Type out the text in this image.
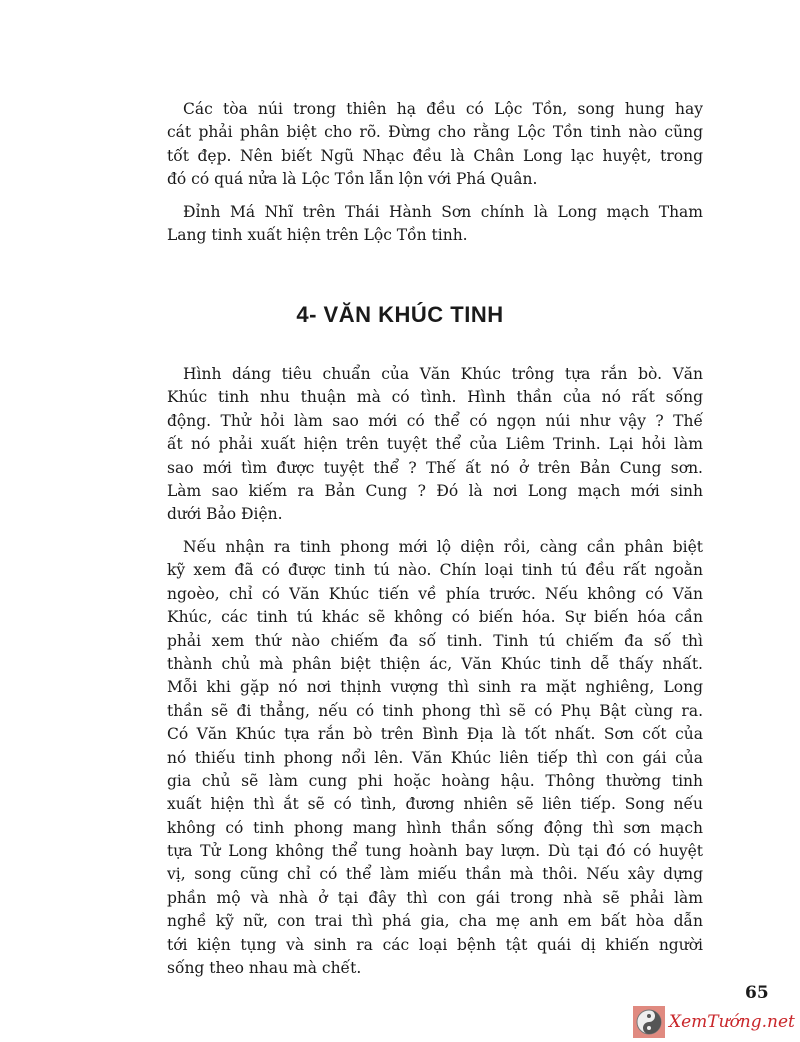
Các tòa núi trong thiên hạ đều có Lộc Tồn, song hung hay
cát phải phân biệt cho rõ. Đừng cho rằng Lộc Tồn tinh nào cũng
tốt đẹp. Nên biết Ngũ Nhạc đều là Chân Long lạc huyệt, trong
đó có quá nửa là Lộc Tồn lẫn lộn với Phá Quân.
Đỉnh Má Nhĩ trên Thái Hành Sơn chính là Long mạch Tham
Lang tinh xuất hiện trên Lộc Tồn tinh.
4- VĂN KHÚC TINH
Hình dáng tiêu chuẩn của Văn Khúc trông tựa rắn bò. Văn
Khúc tinh nhu thuận mà có tình. Hình thần của nó rất sống
động. Thử hỏi làm sao mới có thể có ngọn núi như vậy ? Thế
ất nó phải xuất hiện trên tuyệt thể của Liêm Trinh. Lại hỏi làm
sao mới tìm được tuyệt thể ? Thế ất nó ở trên Bản Cung sơn.
Làm sao kiếm ra Bản Cung ? Đó là nơi Long mạch mới sinh
dưới Bảo Điện.
Nếu nhận ra tinh phong mới lộ diện rồi, càng cần phân biệt
kỹ xem đã có được tinh tú nào. Chín loại tinh tú đều rất ngoằn
ngoèo, chỉ có Văn Khúc tiến về phía trước. Nếu không có Văn
Khúc, các tinh tú khác sẽ không có biến hóa. Sự biến hóa cần
phải xem thứ nào chiếm đa số tinh. Tinh tú chiếm đa số thì
thành chủ mà phân biệt thiện ác, Văn Khúc tinh dễ thấy nhất.
Mỗi khi gặp nó nơi thịnh vượng thì sinh ra mặt nghiêng, Long
thần sẽ đi thẳng, nếu có tinh phong thì sẽ có Phụ Bật cùng ra.
Có Văn Khúc tựa rắn bò trên Bình Địa là tốt nhất. Sơn cốt của
nó thiếu tinh phong nổi lên. Văn Khúc liên tiếp thì con gái của
gia chủ sẽ làm cung phi hoặc hoàng hậu. Thông thường tinh
xuất hiện thì ắt sẽ có tình, đương nhiên sẽ liên tiếp. Song nếu
không có tinh phong mang hình thần sống động thì sơn mạch
tựa Tử Long không thể tung hoành bay lượn. Dù tại đó có huyệt
vị, song cũng chỉ có thể làm miếu thần mà thôi. Nếu xây dựng
phần mộ và nhà ở tại đây thì con gái trong nhà sẽ phải làm
nghề kỹ nữ, con trai thì phá gia, cha mẹ anh em bất hòa dẫn
tới kiện tụng và sinh ra các loại bệnh tật quái dị khiến người
sống theo nhau mà chết.
XemTướng.net
65
